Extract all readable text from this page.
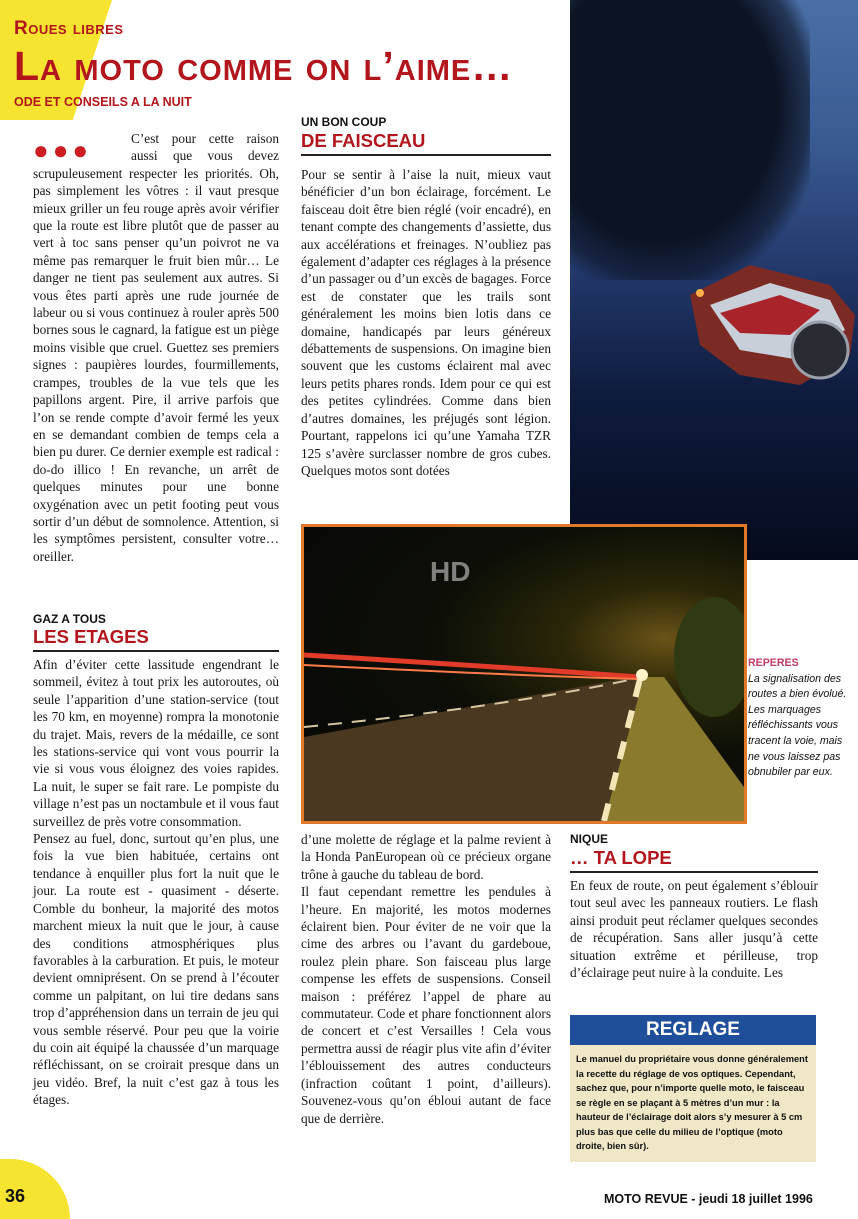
Roues libres
La moto comme on l’aime…
ODE ET CONSEILS A LA NUIT
HD

●●●	C’est pour cette raison aussi que vous devez scrupuleusement respecter les priorités. Oh, pas simplement les vôtres : il vaut presque mieux griller un feu rouge après avoir vérifier que la route est libre plutôt que de passer au vert à toc sans penser qu’un poivrot ne va même pas remarquer le fruit bien mûr… Le danger ne tient pas seulement aux autres. Si vous êtes parti après une rude journée de labeur ou si vous continuez à rouler après 500 bornes sous le cagnard, la fatigue est un piège moins visible que cruel. Guettez ses premiers signes : paupières lourdes, fourmillements, crampes, troubles de la vue tels que les papillons argent. Pire, il arrive parfois que l’on se rende compte d’avoir fermé les yeux en se demandant combien de temps cela a bien pu durer. Ce dernier exemple est radical : do-do illico ! En revanche, un arrêt de quelques minutes pour une bonne oxygénation avec un petit footing peut vous sortir d’un début de somnolence. Attention, si les symptômes persistent, consulter votre… oreiller.

GAZ A TOUS
LES ETAGES

Afin d’éviter cette lassitude engendrant le sommeil, évitez à tout prix les autoroutes, où seule l’apparition d’une station-service (tout les 70 km, en moyenne) rompra la monotonie du trajet. Mais, revers de la médaille, ce sont les stations-service qui vont vous pourrir la vie si vous vous éloignez des voies rapides. La nuit, le super se fait rare. Le pompiste du village n’est pas un noctambule et il vous faut surveillez de près votre consommation.

Pensez au fuel, donc, surtout qu’en plus, une fois la vue bien habituée, certains ont tendance à enquiller plus fort la nuit que le jour. La route est - quasiment - déserte. Comble du bonheur, la majorité des motos marchent mieux la nuit que le jour, à cause des conditions atmosphériques plus favorables à la carburation. Et puis, le moteur devient omniprésent. On se prend à l’écouter comme un palpitant, on lui tire dedans sans trop d’appréhension dans un terrain de jeu qui vous semble réservé. Pour peu que la voirie du coin ait équipé la chaussée d’un marquage réfléchissant, on se croirait presque dans un jeu vidéo. Bref, la nuit c’est gaz à tous les étages.

UN BON COUP
DE FAISCEAU

Pour se sentir à l’aise la nuit, mieux vaut bénéficier d’un bon éclairage, forcément. Le faisceau doit être bien réglé (voir encadré), en tenant compte des changements d’assiette, dus aux accélérations et freinages. N’oubliez pas également d’adapter ces réglages à la présence d’un passager ou d’un excès de bagages. Force est de constater que les trails sont généralement les moins bien lotis dans ce domaine, handicapés par leurs généreux débattements de suspensions. On imagine bien souvent que les customs éclairent mal avec leurs petits phares ronds. Idem pour ce qui est des petites cylindrées. Comme dans bien d’autres domaines, les préjugés sont légion. Pourtant, rappelons ici qu’une Yamaha TZR 125 s’avère surclasser nombre de gros cubes. Quelques motos sont dotées

d’une molette de réglage et la palme revient à la Honda PanEuropean où ce précieux organe trône à gauche du tableau de bord.

Il faut cependant remettre les pendules à l’heure. En majorité, les motos modernes éclairent bien. Pour éviter de ne voir que la cime des arbres ou l’avant du gardeboue, roulez plein phare. Son faisceau plus large compense les effets de suspensions. Conseil maison : préférez l’appel de phare au commutateur. Code et phare fonctionnent alors de concert et c’est Versailles ! Cela vous permettra aussi de réagir plus vite afin d’éviter l’éblouissement des autres conducteurs (infraction coûtant 1 point, d’ailleurs). Souvenez-vous qu’on ébloui autant de face que de derrière.

REPERES
La signalisation des routes a bien évolué. Les marquages réfléchissants vous tracent la voie, mais ne vous laissez pas obnubiler par eux.
NIQUE
… TA LOPE

En feux de route, on peut également s’éblouir tout seul avec les panneaux routiers. Le flash ainsi produit peut réclamer quelques secondes de récupération. Sans aller jusqu’à cette situation extrême et périlleuse, trop d’éclairage peut nuire à la conduite. Les

REGLAGE
Le manuel du propriétaire vous donne généralement la recette du réglage de vos optiques. Cependant, sachez que, pour n’importe quelle moto, le faisceau se règle en se plaçant à 5 mètres d’un mur : la hauteur de l’éclairage doit alors s’y mesurer à 5 cm plus bas que celle du milieu de l’optique (moto droite, bien sûr).
36	MOTO REVUE - jeudi 18 juillet 1996
